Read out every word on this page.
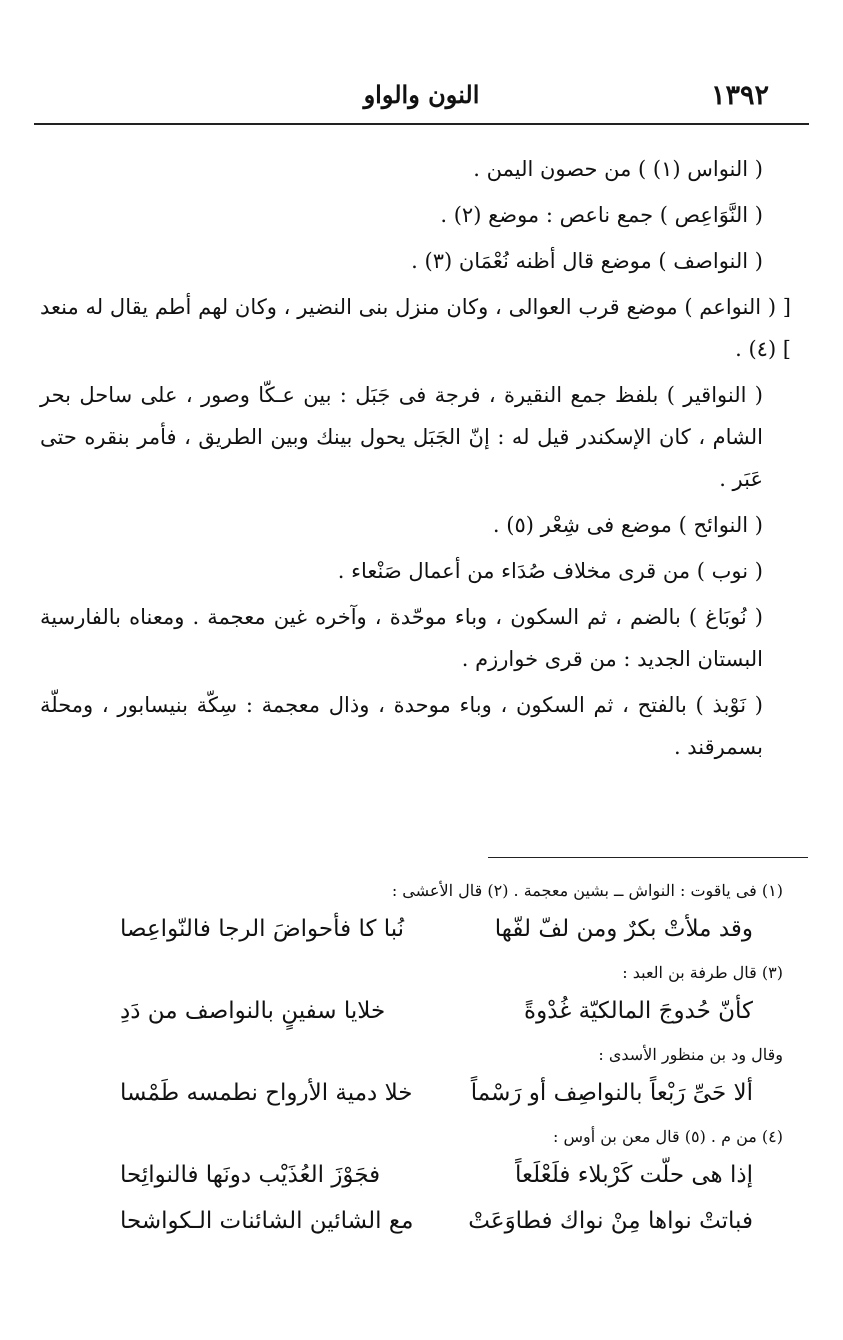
١٣٩٢
النون والواو

( النواس (١) ) من حصون اليمن .

( النَّوَاعِص ) جمع ناعص : موضع (٢) .

( النواصف ) موضع قال أظنه نُعْمَان (٣) .

[ ( النواعم ) موضع قرب العوالى ، وكان منزل بنى النضير ، وكان لهم أطم يقال له منعد ] (٤) .

( النواقير ) بلفظ جمع النقيرة ، فرجة فى جَبَل : بين عـكّا وصور ، على ساحل بحر الشام ، كان الإسكندر قيل له : إنّ الجَبَل يحول بينك وبين الطريق ، فأمر بنقره حتى عَبَر .

( النوائح ) موضع فى شِعْر (٥) .

( نوب ) من قرى مخلاف صُدَاء من أعمال صَنْعاء .

( نُوبَاغ ) بالضم ، ثم السكون ، وباء موحّدة ، وآخره غين معجمة . ومعناه بالفارسية البستان الجديد : من قرى خوارزم .

( نَوْبذ ) بالفتح ، ثم السكون ، وباء موحدة ، وذال معجمة : سِكّة بنيسابور ، ومحلّة بسمرقند .

(١) فى ياقوت : النواش ــ بشين معجمة . (٢) قال الأعشى :
وقد ملأتْ بكرٌ ومن لفّ لفّها
نُبا كا فأحواضَ الرجا فالنّواعِصا
(٣) قال طرفة بن العبد :
كأنّ حُدوجَ المالكيّة غُدْوةً
خلايا سفينٍ بالنواصف من دَدِ
وقال ود بن منظور الأسدى :
ألا حَىِّ رَبْعاً بالنواصِف أو رَسْماً
خلا دمية الأرواح نطمسه طَمْسا
(٤) من م . (٥) قال معن بن أوس :
إذا هى حلّت كَرْبلاء فلَعْلَعاً
فجَوْزَ العُذَيْب دونَها فالنوائِحا
فباتتْ نواها مِنْ نواك فطاوَعَتْ
مع الشائين الشائنات الـكواشحا
